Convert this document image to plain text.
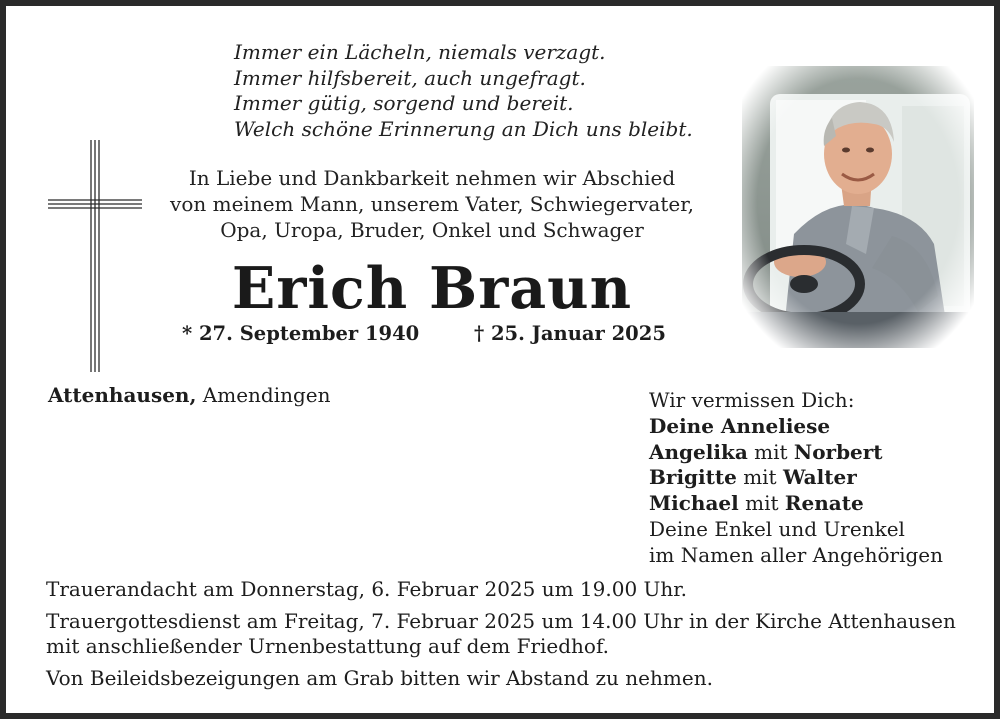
Immer ein Lächeln, niemals verzagt.
Immer hilfsbereit, auch ungefragt.
Immer gütig, sorgend und bereit.
Welch schöne Erinnerung an Dich uns bleibt.
In Liebe und Dankbarkeit nehmen wir Abschied
von meinem Mann, unserem Vater, Schwiegervater,
Opa, Uropa, Bruder, Onkel und Schwager
Erich Braun
* 27. September 1940	† 25. Januar 2025
Attenhausen, Amendingen	Wir vermissen Dich:
Deine Anneliese
Angelika mit Norbert
Brigitte mit Walter
Michael mit Renate
Deine Enkel und Urenkel
im Namen aller Angehörigen

Trauerandacht am Donnerstag, 6. Februar 2025 um 19.00 Uhr.

Trauergottesdienst am Freitag, 7. Februar 2025 um 14.00 Uhr in der Kirche Attenhausen

mit anschließender Urnenbestattung auf dem Friedhof.

Von Beileidsbezeigungen am Grab bitten wir Abstand zu nehmen.
